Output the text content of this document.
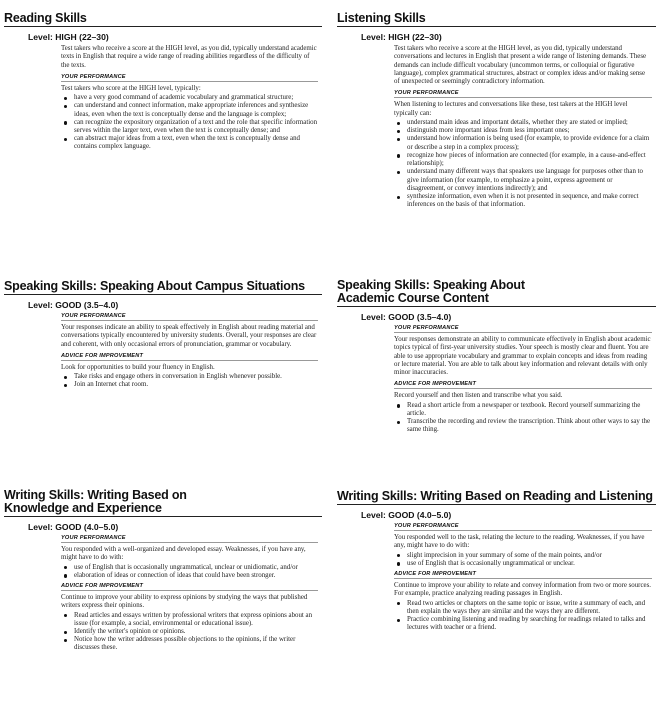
Reading Skills
Level: HIGH (22–30)
Test takers who receive a score at the HIGH level, as you did, typically understand academic texts in English that require a wide range of reading abilities regardless of the difficulty of the texts.
YOUR PERFORMANCE
Test takers who score at the HIGH level, typically:
have a very good command of academic vocabulary and grammatical structure;
can understand and connect information, make appropriate inferences and synthesize ideas, even when the text is conceptually dense and the language is complex;
can recognize the expository organization of a text and the role that specific information serves within the larger text, even when the text is conceptually dense; and
can abstract major ideas from a text, even when the text is conceptually dense and contains complex language.
Listening Skills
Level: HIGH (22–30)
Test takers who receive a score at the HIGH level, as you did, typically understand conversations and lectures in English that present a wide range of listening demands. These demands can include difficult vocabulary (uncommon terms, or colloquial or figurative language), complex grammatical structures, abstract or complex ideas and/or making sense of unexpected or seemingly contradictory information.
YOUR PERFORMANCE
When listening to lectures and conversations like these, test takers at the HIGH level typically can:
understand main ideas and important details, whether they are stated or implied;
distinguish more important ideas from less important ones;
understand how information is being used (for example, to provide evidence for a claim or describe a step in a complex process);
recognize how pieces of information are connected (for example, in a cause-and-effect relationship);
understand many different ways that speakers use language for purposes other than to give information (for example, to emphasize a point, express agreement or disagreement, or convey intentions indirectly); and
synthesize information, even when it is not presented in sequence, and make correct inferences on the basis of that information.
Speaking Skills: Speaking About Campus Situations
Level: GOOD (3.5–4.0)
YOUR PERFORMANCE
Your responses indicate an ability to speak effectively in English about reading material and conversations typically encountered by university students. Overall, your responses are clear and coherent, with only occasional errors of pronunciation, grammar or vocabulary.
ADVICE FOR IMPROVEMENT
Look for opportunities to build your fluency in English.
Take risks and engage others in conversation in English whenever possible.
Join an Internet chat room.
Speaking Skills: Speaking About
Academic Course Content
Level: GOOD (3.5–4.0)
YOUR PERFORMANCE
Your responses demonstrate an ability to communicate effectively in English about academic topics typical of first-year university studies. Your speech is mostly clear and fluent. You are able to use appropriate vocabulary and grammar to explain concepts and ideas from reading or lecture material. You are able to talk about key information and relevant details with only minor inaccuracies.
ADVICE FOR IMPROVEMENT
Record yourself and then listen and transcribe what you said.
Read a short article from a newspaper or textbook. Record yourself summarizing the article.
Transcribe the recording and review the transcription. Think about other ways to say the same thing.
Writing Skills: Writing Based on
Knowledge and Experience
Level: GOOD (4.0–5.0)
YOUR PERFORMANCE
You responded with a well-organized and developed essay. Weaknesses, if you have any, might have to do with:
use of English that is occasionally ungrammatical, unclear or unidiomatic, and/or
elaboration of ideas or connection of ideas that could have been stronger.
ADVICE FOR IMPROVEMENT
Continue to improve your ability to express opinions by studying the ways that published writers express their opinions.
Read articles and essays written by professional writers that express opinions about an issue (for example, a social, environmental or educational issue).
Identify the writer's opinion or opinions.
Notice how the writer addresses possible objections to the opinions, if the writer discusses these.
Writing Skills: Writing Based on Reading and Listening
Level: GOOD (4.0–5.0)
YOUR PERFORMANCE
You responded well to the task, relating the lecture to the reading. Weaknesses, if you have any, might have to do with:
slight imprecision in your summary of some of the main points, and/or
use of English that is occasionally ungrammatical or unclear.
ADVICE FOR IMPROVEMENT
Continue to improve your ability to relate and convey information from two or more sources. For example, practice analyzing reading passages in English.
Read two articles or chapters on the same topic or issue, write a summary of each, and then explain the ways they are similar and the ways they are different.
Practice combining listening and reading by searching for readings related to talks and lectures with teacher or a friend.
